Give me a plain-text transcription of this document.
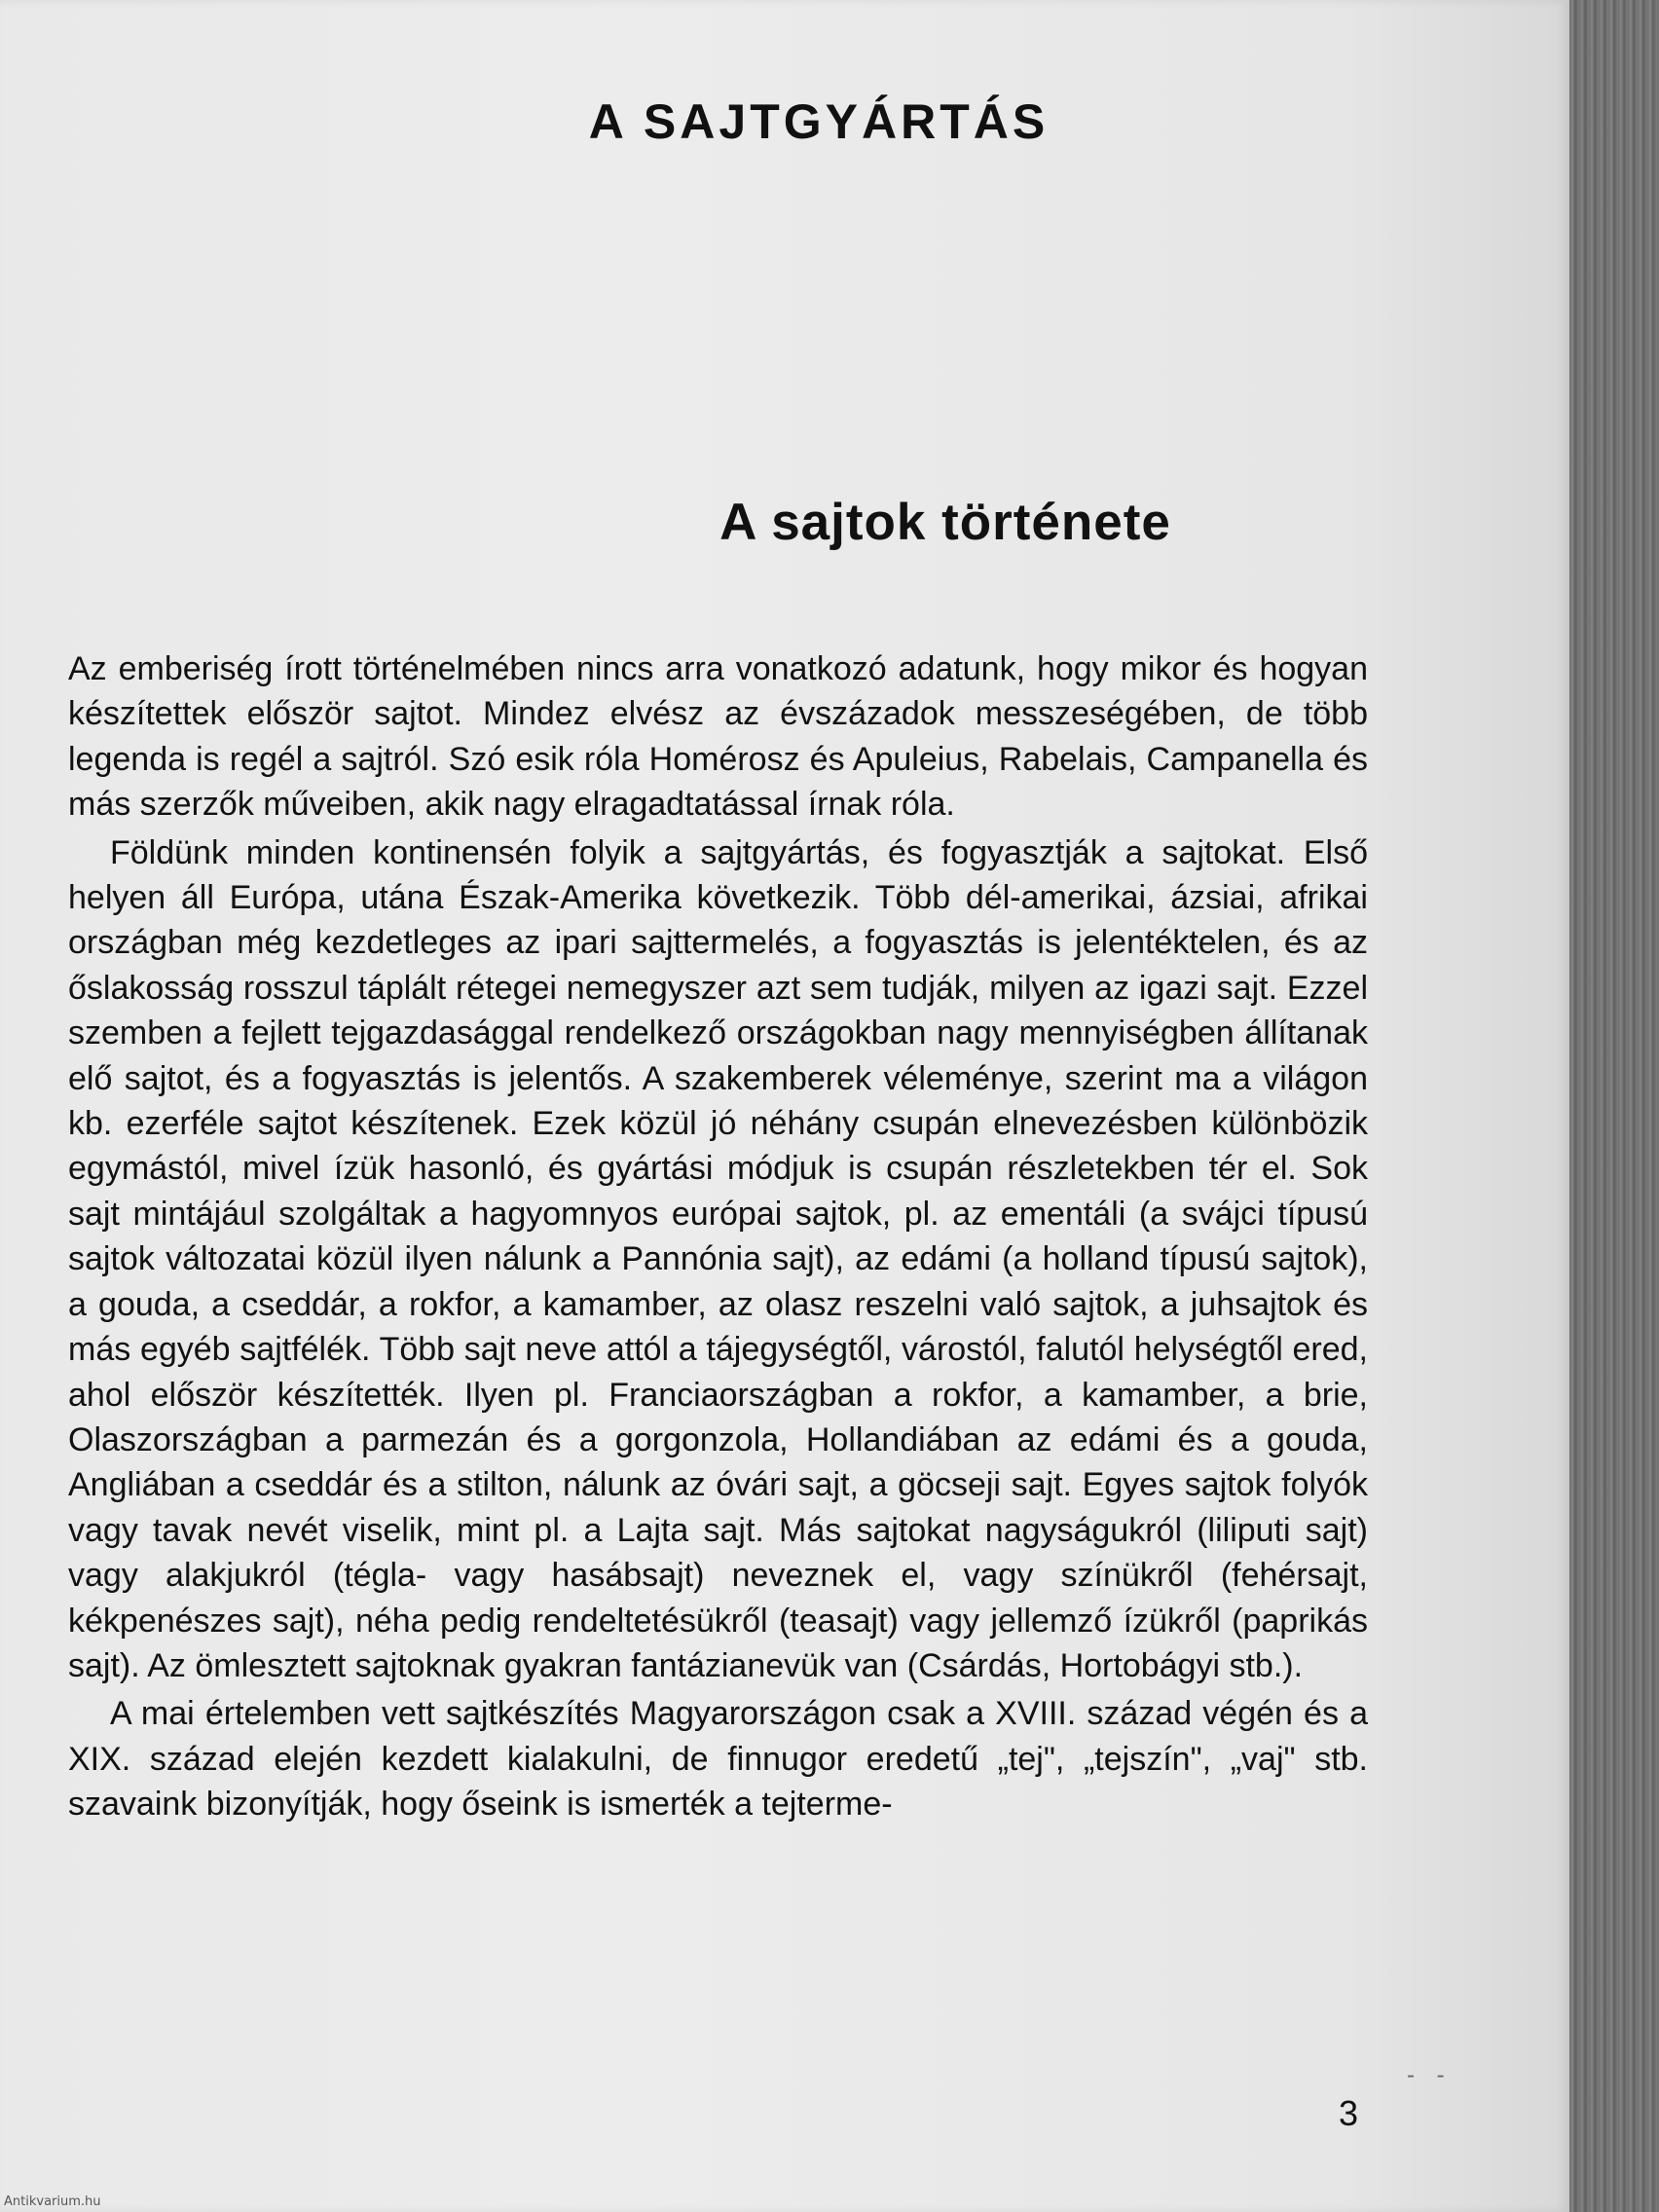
A SAJTGYÁRTÁS
A sajtok története

Az emberiség írott történelmében nincs arra vonatkozó adatunk, hogy mikor és hogyan készítettek először sajtot. Mindez elvész az évszázadok messzeségében, de több legenda is regél a sajtról. Szó esik róla Homérosz és Apuleius, Rabelais, Campanella és más szerzők műveiben, akik nagy elragadtatással írnak róla.

Földünk minden kontinensén folyik a sajtgyártás, és fogyasztják a sajtokat. Első helyen áll Európa, utána Észak-Amerika következik. Több dél-amerikai, ázsiai, afrikai országban még kezdetleges az ipari sajttermelés, a fogyasztás is jelentéktelen, és az őslakosság rosszul táplált rétegei nemegyszer azt sem tudják, milyen az igazi sajt. Ezzel szemben a fejlett tejgazdasággal rendelkező országokban nagy mennyiségben állítanak elő sajtot, és a fogyasztás is jelentős. A szakemberek véleménye, szerint ma a világon kb. ezerféle sajtot készítenek. Ezek közül jó néhány csupán elnevezésben különbözik egymástól, mivel ízük hasonló, és gyártási módjuk is csupán részletekben tér el. Sok sajt mintájául szolgáltak a hagyomnyos európai sajtok, pl. az ementáli (a svájci típusú sajtok változatai közül ilyen nálunk a Pannónia sajt), az edámi (a holland típusú sajtok), a gouda, a cseddár, a rokfor, a kamamber, az olasz reszelni való sajtok, a juhsajtok és más egyéb sajtfélék. Több sajt neve attól a tájegységtől, várostól, falutól helységtől ered, ahol először készítették. Ilyen pl. Franciaországban a rokfor, a kamamber, a brie, Olaszországban a parmezán és a gorgonzola, Hollandiában az edámi és a gouda, Angliában a cseddár és a stilton, nálunk az óvári sajt, a göcseji sajt. Egyes sajtok folyók vagy tavak nevét viselik, mint pl. a Lajta sajt. Más sajtokat nagyságukról (liliputi sajt) vagy alakjukról (tégla- vagy hasábsajt) neveznek el, vagy színükről (fehérsajt, kékpenészes sajt), néha pedig rendeltetésükről (teasajt) vagy jellemző ízükről (paprikás sajt). Az ömlesztett sajtoknak gyakran fantázianevük van (Csárdás, Hortobágyi stb.).

A mai értelemben vett sajtkészítés Magyarországon csak a XVIII. század végén és a XIX. század elején kezdett kialakulni, de finnugor eredetű „tej", „tejszín", „vaj" stb. szavaink bizonyítják, hogy őseink is ismerték a tejterme-

- -
3
Antikvarium.hu
